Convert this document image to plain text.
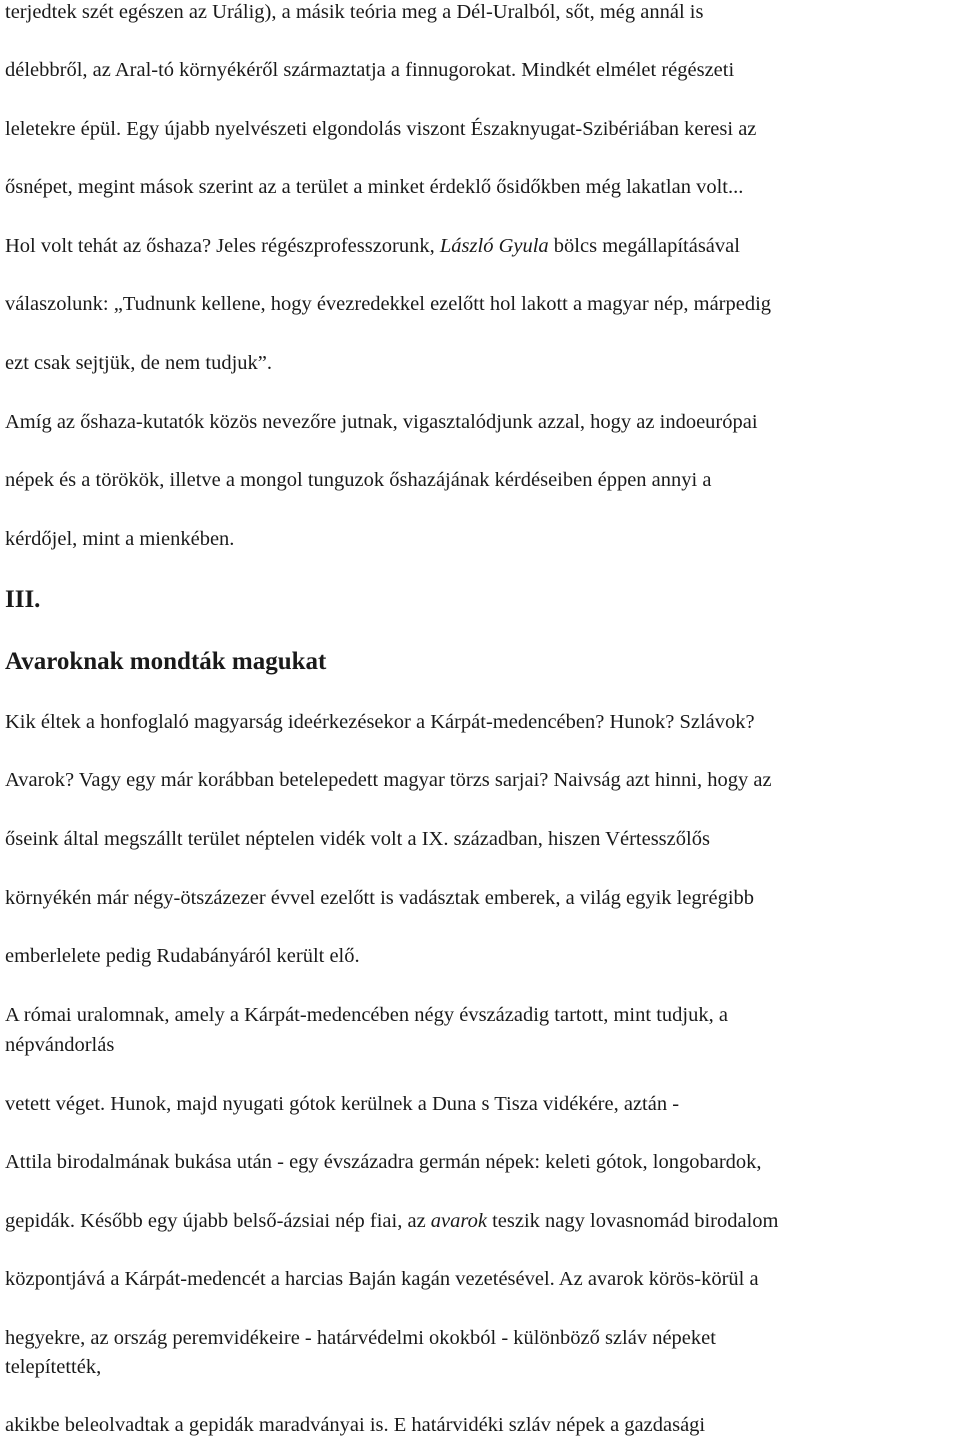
terjedtek szét egészen az Urálig), a másik teória meg a Dél-Uralból, sőt, még annál is
délebbről, az Aral-tó környékéről származtatja a finnugorokat. Mindkét elmélet régészeti
leletekre épül. Egy újabb nyelvészeti elgondolás viszont Északnyugat-Szibériában keresi az
ősnépet, megint mások szerint az a terület a minket érdeklő ősidőkben még lakatlan volt...
Hol volt tehát az őshaza? Jeles régészprofesszorunk, László Gyula bölcs megállapításával
válaszolunk: „Tudnunk kellene, hogy évezredekkel ezelőtt hol lakott a magyar nép, márpedig
ezt csak sejtjük, de nem tudjuk”.
Amíg az őshaza-kutatók közös nevezőre jutnak, vigasztalódjunk azzal, hogy az indoeurópai
népek és a törökök, illetve a mongol tunguzok őshazájának kérdéseiben éppen annyi a
kérdőjel, mint a mienkében.
III.
Avaroknak mondták magukat
Kik éltek a honfoglaló magyarság ideérkezésekor a Kárpát-medencében? Hunok? Szlávok?
Avarok? Vagy egy már korábban betelepedett magyar törzs sarjai? Naivság azt hinni, hogy az
őseink által megszállt terület néptelen vidék volt a IX. században, hiszen Vértesszőlős
környékén már négy-ötszázezer évvel ezelőtt is vadásztak emberek, a világ egyik legrégibb
emberlelete pedig Rudabányáról került elő.
A római uralomnak, amely a Kárpát-medencében négy évszázadig tartott, mint tudjuk, a
népvándorlás
vetett véget. Hunok, majd nyugati gótok kerülnek a Duna s Tisza vidékére, aztán -
Attila birodalmának bukása után - egy évszázadra germán népek: keleti gótok, longobardok,
gepidák. Később egy újabb belső-ázsiai nép fiai, az avarok teszik nagy lovasnomád birodalom
központjává a Kárpát-medencét a harcias Baján kagán vezetésével. Az avarok körös-körül a
hegyekre, az ország peremvidékeire - határvédelmi okokból - különböző szláv népeket
telepítették,
akikbe beleolvadtak a gepidák maradványai is. E határvidéki szláv népek a gazdasági
